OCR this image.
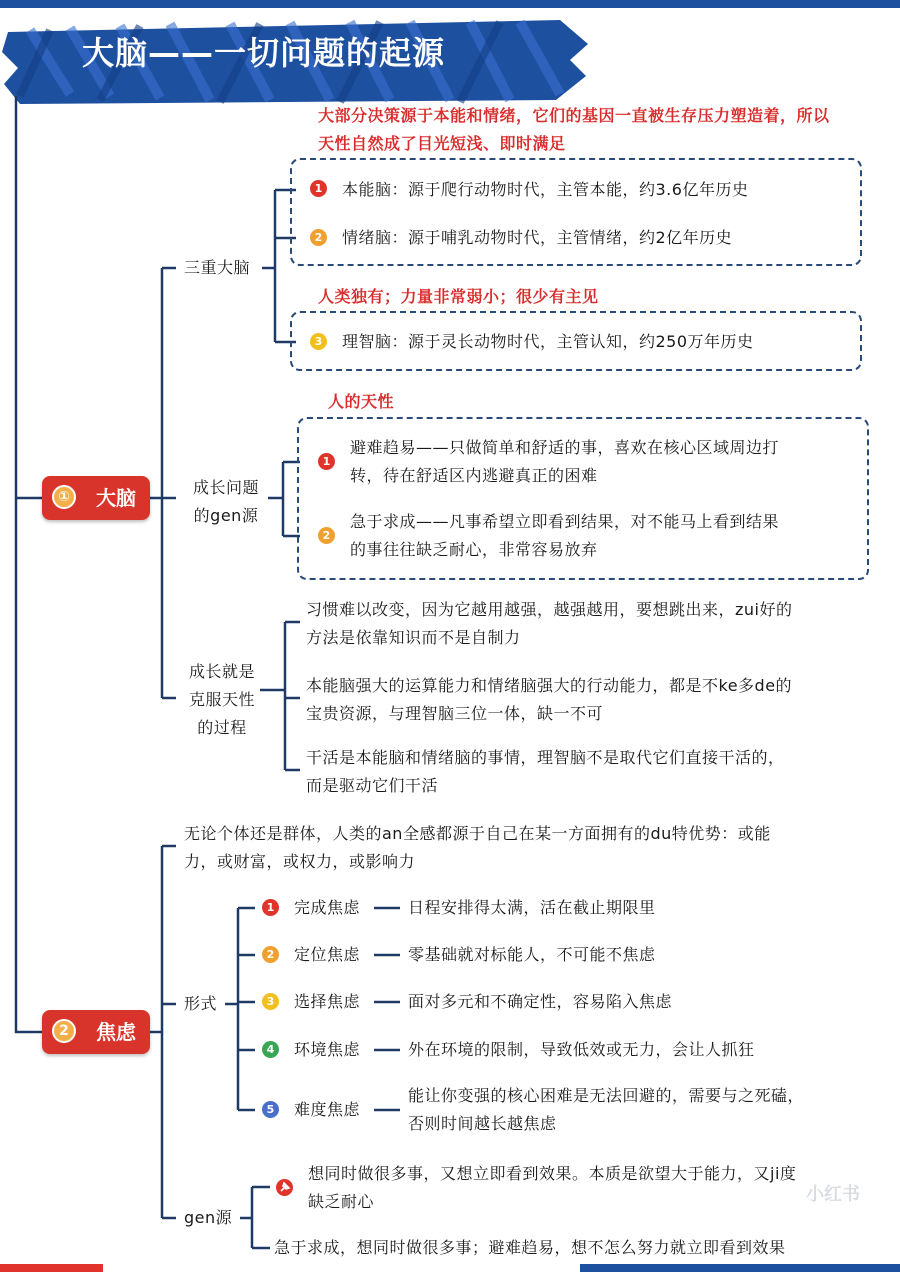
大脑——一切问题的起源
①	大脑
大部分决策源于本能和情绪，它们的基因一直被生存压力塑造着，所以天性自然成了目光短浅、即时满足
三重大脑
1 本能脑：源于爬行动物时代，主管本能，约3.6亿年历史
2 情绪脑：源于哺乳动物时代，主管情绪，约2亿年历史
人类独有；力量非常弱小；很少有主见
3 理智脑：源于灵长动物时代，主管认知，约250万年历史
人的天性
成长问题
的gen源
1
避难趋易——只做简单和舒适的事，喜欢在核心区域周边打
转，待在舒适区内逃避真正的困难
2
急于求成——凡事希望立即看到结果，对不能马上看到结果
的事往往缺乏耐心，非常容易放弃
成长就是
克服天性
的过程
习惯难以改变，因为它越用越强，越强越用，要想跳出来，zui好的
方法是依靠知识而不是自制力
本能脑强大的运算能力和情绪脑强大的行动能力，都是不ke多de的
宝贵资源，与理智脑三位一体，缺一不可
干活是本能脑和情绪脑的事情，理智脑不是取代它们直接干活的，
而是驱动它们干活
2	焦虑
无论个体还是群体，人类的an全感都源于自己在某一方面拥有的du特优势：或能
力，或财富，或权力，或影响力
形式
1 完成焦虑	日程安排得太满，活在截止期限里
2 定位焦虑	零基础就对标能人，不可能不焦虑
3 选择焦虑	面对多元和不确定性，容易陷入焦虑
4 环境焦虑	外在环境的限制，导致低效或无力，会让人抓狂
5 难度焦虑
能让你变强的核心困难是无法回避的，需要与之死磕，
否则时间越长越焦虑
gen源
想同时做很多事，又想立即看到效果。本质是欲望大于能力，又ji度
缺乏耐心
急于求成，想同时做很多事；避难趋易，想不怎么努力就立即看到效果
小红书
